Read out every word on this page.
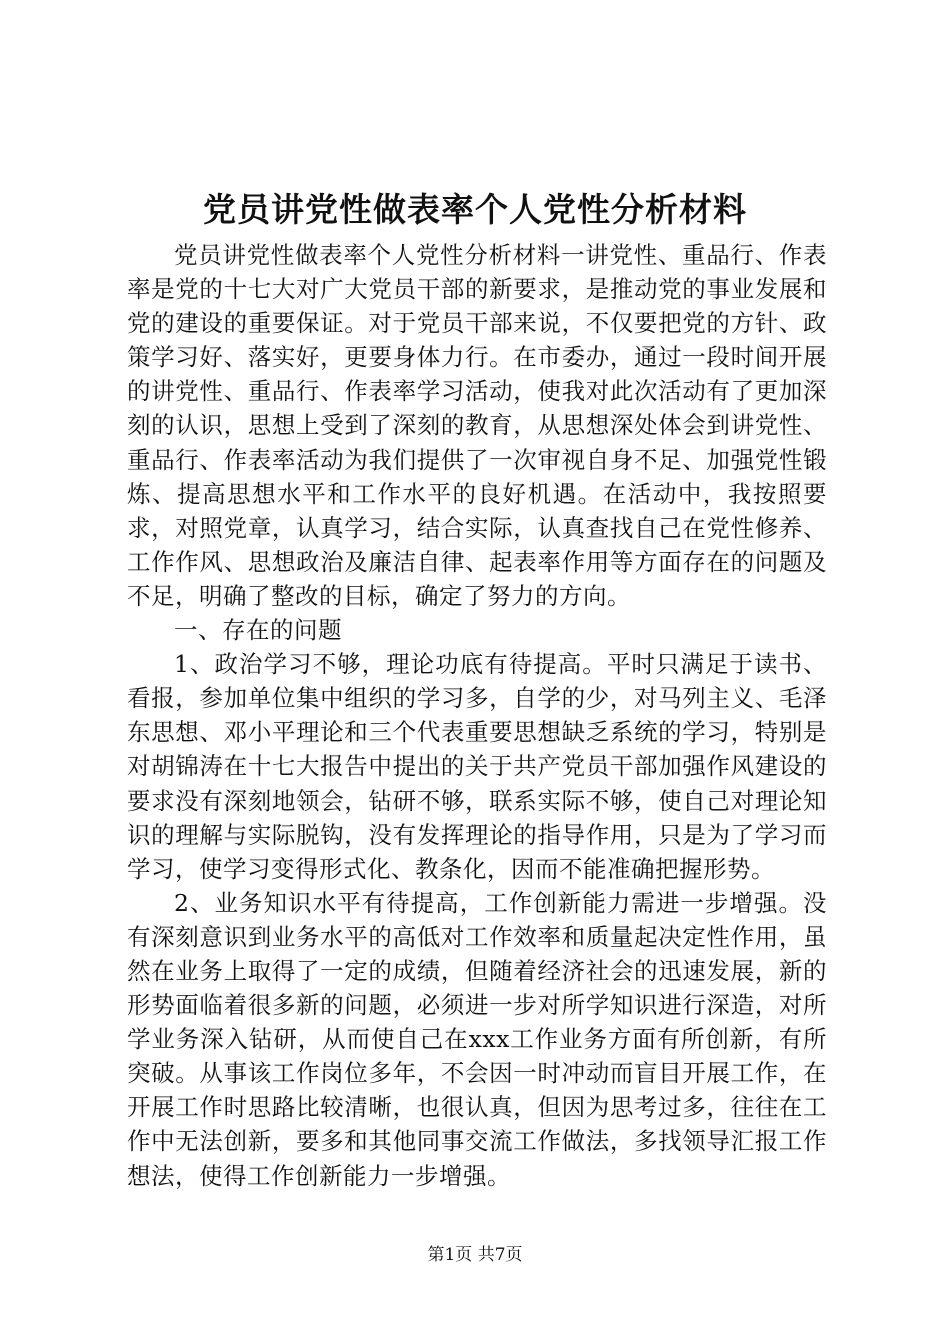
党员讲党性做表率个人党性分析材料

党员讲党性做表率个人党性分析材料一讲党性、重品行、作表率是党的十七大对广大党员干部的新要求，是推动党的事业发展和党的建设的重要保证。对于党员干部来说，不仅要把党的方针、政策学习好、落实好，更要身体力行。在市委办，通过一段时间开展的讲党性、重品行、作表率学习活动，使我对此次活动有了更加深刻的认识，思想上受到了深刻的教育，从思想深处体会到讲党性、重品行、作表率活动为我们提供了一次审视自身不足、加强党性锻炼、提高思想水平和工作水平的良好机遇。在活动中，我按照要求，对照党章，认真学习，结合实际，认真查找自己在党性修养、工作作风、思想政治及廉洁自律、起表率作用等方面存在的问题及不足，明确了整改的目标，确定了努力的方向。

一、存在的问题

1、政治学习不够，理论功底有待提高。平时只满足于读书、看报，参加单位集中组织的学习多，自学的少，对马列主义、毛泽东思想、邓小平理论和三个代表重要思想缺乏系统的学习，特别是对胡锦涛在十七大报告中提出的关于共产党员干部加强作风建设的要求没有深刻地领会，钻研不够，联系实际不够，使自己对理论知识的理解与实际脱钩，没有发挥理论的指导作用，只是为了学习而学习，使学习变得形式化、教条化，因而不能准确把握形势。

2、业务知识水平有待提高，工作创新能力需进一步增强。没有深刻意识到业务水平的高低对工作效率和质量起决定性作用，虽然在业务上取得了一定的成绩，但随着经济社会的迅速发展，新的形势面临着很多新的问题，必须进一步对所学知识进行深造，对所学业务深入钻研，从而使自己在xxx工作业务方面有所创新，有所突破。从事该工作岗位多年，不会因一时冲动而盲目开展工作，在开展工作时思路比较清晰，也很认真，但因为思考过多，往往在工作中无法创新，要多和其他同事交流工作做法，多找领导汇报工作想法，使得工作创新能力一步增强。

第1页 共7页
